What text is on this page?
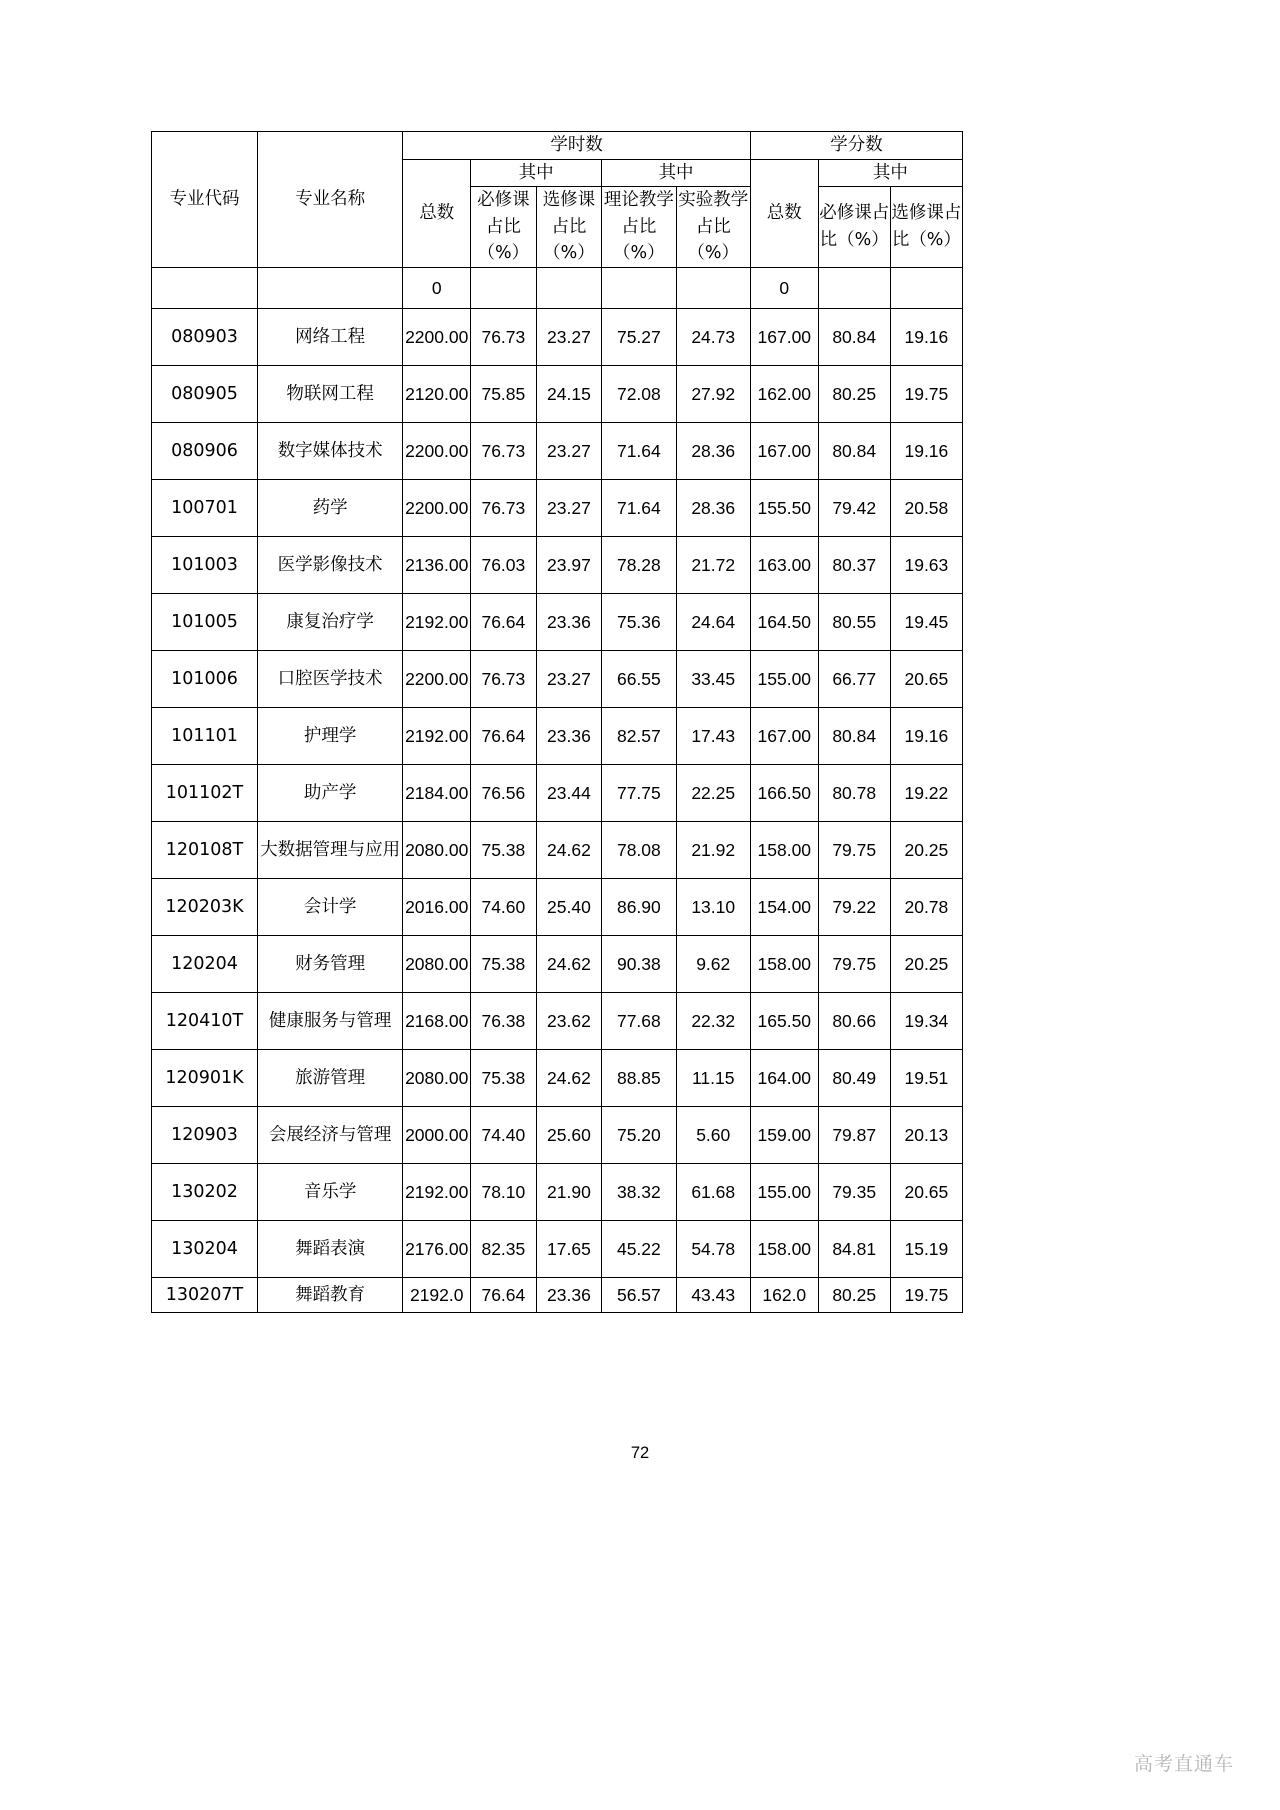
专业代码	专业名称	学时数					学分数		
		总数	其中		其中		总数	其中	
			必修课占比（%）	选修课占比（%）	理论教学占比（%）	实验教学占比（%）		必修课占比（%）	选修课占比（%）
		0					0		
080903	网络工程	2200.00	76.73	23.27	75.27	24.73	167.00	80.84	19.16
080905	物联网工程	2120.00	75.85	24.15	72.08	27.92	162.00	80.25	19.75
080906	数字媒体技术	2200.00	76.73	23.27	71.64	28.36	167.00	80.84	19.16
100701	药学	2200.00	76.73	23.27	71.64	28.36	155.50	79.42	20.58
101003	医学影像技术	2136.00	76.03	23.97	78.28	21.72	163.00	80.37	19.63
101005	康复治疗学	2192.00	76.64	23.36	75.36	24.64	164.50	80.55	19.45
101006	口腔医学技术	2200.00	76.73	23.27	66.55	33.45	155.00	66.77	20.65
101101	护理学	2192.00	76.64	23.36	82.57	17.43	167.00	80.84	19.16
101102T	助产学	2184.00	76.56	23.44	77.75	22.25	166.50	80.78	19.22
120108T	大数据管理与应用	2080.00	75.38	24.62	78.08	21.92	158.00	79.75	20.25
120203K	会计学	2016.00	74.60	25.40	86.90	13.10	154.00	79.22	20.78
120204	财务管理	2080.00	75.38	24.62	90.38	9.62	158.00	79.75	20.25
120410T	健康服务与管理	2168.00	76.38	23.62	77.68	22.32	165.50	80.66	19.34
120901K	旅游管理	2080.00	75.38	24.62	88.85	11.15	164.00	80.49	19.51
120903	会展经济与管理	2000.00	74.40	25.60	75.20	5.60	159.00	79.87	20.13
130202	音乐学	2192.00	78.10	21.90	38.32	61.68	155.00	79.35	20.65
130204	舞蹈表演	2176.00	82.35	17.65	45.22	54.78	158.00	84.81	15.19
130207T	舞蹈教育	2192.0	76.64	23.36	56.57	43.43	162.0	80.25	19.75
72
高考直通车
